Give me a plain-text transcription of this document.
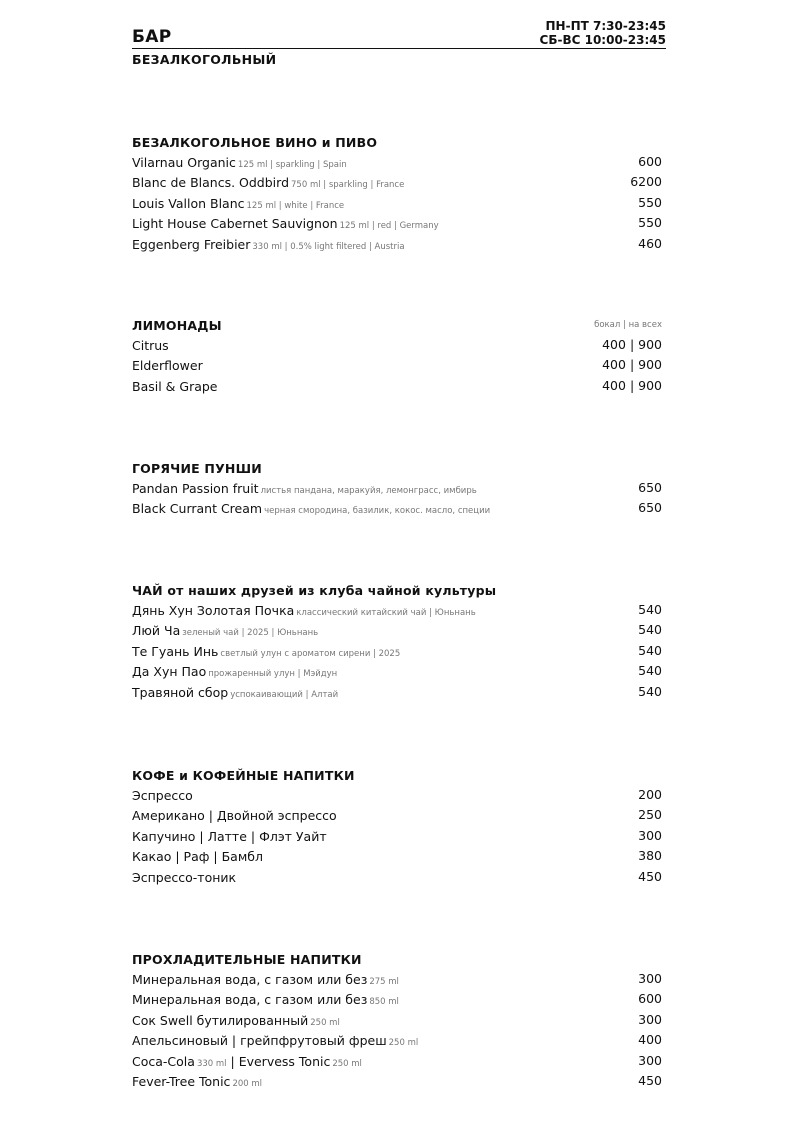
БАР
ПН-ПТ 7:30-23:45
СБ-ВС 10:00-23:45
БЕЗАЛКОГОЛЬНЫЙ
БЕЗАЛКОГОЛЬНОЕ ВИНО и ПИВО
Vilarnau Organic 125 ml | sparkling | Spain	600
Blanc de Blancs. Oddbird 750 ml | sparkling | France	6200
Louis Vallon Blanc 125 ml | white | France	550
Light House Cabernet Sauvignon 125 ml | red | Germany	550
Eggenberg Freibier 330 ml | 0.5% light filtered | Austria	460
ЛИМОНАДЫ	бокал | на всех
Citrus	400 | 900
Elderflower	400 | 900
Basil & Grape	400 | 900
ГОРЯЧИЕ ПУНШИ
Pandan Passion fruit листья пандана, маракуйя, лемонграсс, имбирь	650
Black Currant Cream черная смородина, базилик, кокос. масло, специи	650
ЧАЙ от наших друзей из клуба чайной культуры
Дянь Хун Золотая Почка классический китайский чай | Юньнань	540
Люй Ча зеленый чай | 2025 | Юньнань	540
Те Гуань Инь светлый улун с ароматом сирени | 2025	540
Да Хун Пао прожаренный улун | Мэйдун	540
Травяной сбор успокаивающий | Алтай	540
КОФЕ и КОФЕЙНЫЕ НАПИТКИ
Эспрессо	200
Американо | Двойной эспрессо	250
Капучино | Латте | Флэт Уайт	300
Какао | Раф | Бамбл	380
Эспрессо-тоник	450
ПРОХЛАДИТЕЛЬНЫЕ НАПИТКИ
Минеральная вода, с газом или без 275 ml	300
Минеральная вода, с газом или без 850 ml	600
Сок Swell бутилированный 250 ml	300
Апельсиновый | грейпфрутовый фреш 250 ml	400
Coca-Cola 330 ml | Evervess Tonic 250 ml	300
Fever-Tree Tonic 200 ml	450
